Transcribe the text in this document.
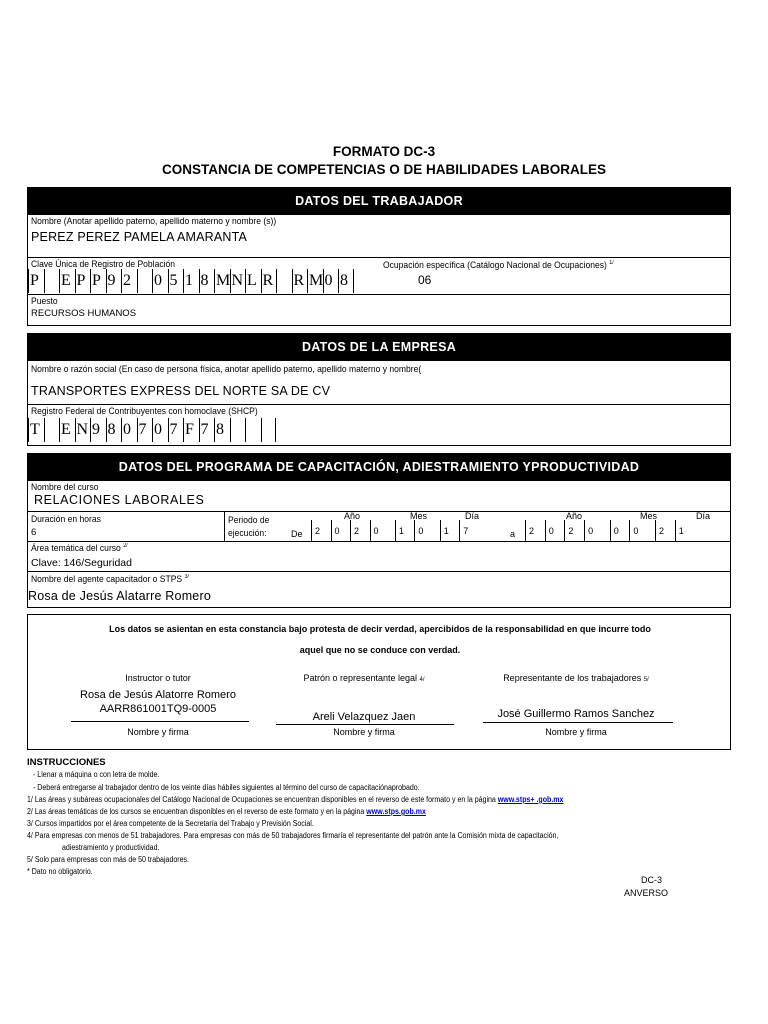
FORMATO DC-3
CONSTANCIA DE COMPETENCIAS O DE HABILIDADES LABORALES
DATOS DEL TRABAJADOR
Nombre (Anotar apellido paterno, apellido materno y nombre (s))
PEREZ PEREZ PAMELA AMARANTA
Clave Única de Registro de Población
P E P P 9 2	0 5 1 8 M N L R R M 0 8
Ocupación específica (Catálogo Nacional de Ocupaciones) $^{1/}$
06
Puesto
RECURSOS HUMANOS
DATOS DE LA EMPRESA
Nombre o razón social (En caso de persona física, anotar apellido paterno, apellido materno y nombre(
TRANSPORTES EXPRESS DEL NORTE SA DE CV
Registro Federal de Contribuyentes con homoclave (SHCP)
T E N 9 8 0 7 0 7 F 7 8
DATOS DEL PROGRAMA DE CAPACITACIÓN, ADIESTRAMIENTO YPRODUCTIVIDAD
Nombre del curso
RELACIONES LABORALES
Duración en horas
6
Periodo de
ejecución:	De	a
Año	Mes	Día	Año	Mes	Día
2	0	2	0	1	0	1	7	2	0	2	0	0	0	2	1
Área temática del curso $^{2/}$
Clave: 146/Seguridad
Nombre del agente capacitador o STPS $^{3/}$
Rosa de Jesús Alatarre Romero
Los datos se asientan en esta constancia bajo protesta de decir verdad, apercibidos de la responsabilidad en que incurre todo
aquel que no se conduce con verdad.
Instructor o tutor
Rosa de Jesús Alatorre Romero
AARR861001TQ9-0005
Nombre y firma
Patrón o representante legal 4/
Areli Velazquez Jaen
Nombre y firma
Representante de los trabajadores 5/
José Guillermo Ramos Sanchez
Nombre y firma
INSTRUCCIONES
- Llenar a máquina o con letra de molde.
- Deberá entregarse al trabajador dentro de los veinte días hábiles siguientes al término del curso de capacitaciónaprobado.
1/ Las áreas y subáreas ocupacionales del Catálogo Nacional de Ocupaciones se encuentran disponibles en el reverso de este formato y en la página www.stps+ .gob.mx
2/ Las áreas temáticas de los cursos se encuentran disponibles en el reverso de este formato y en la página www.stps.gob.mx
3/ Cursos impartidos por el área competente de la Secretaría del Trabajo y Previsión Social.
4/ Para empresas con menos de 51 trabajadores. Para empresas con más de 50 trabajadores firmaría el representante del patrón ante la Comisión mixta de capacitación,
adiestramiento y productividad.
5/ Solo para empresas con más de 50 trabajadores.
* Dato no obligatorio.
DC-3
ANVERSO
